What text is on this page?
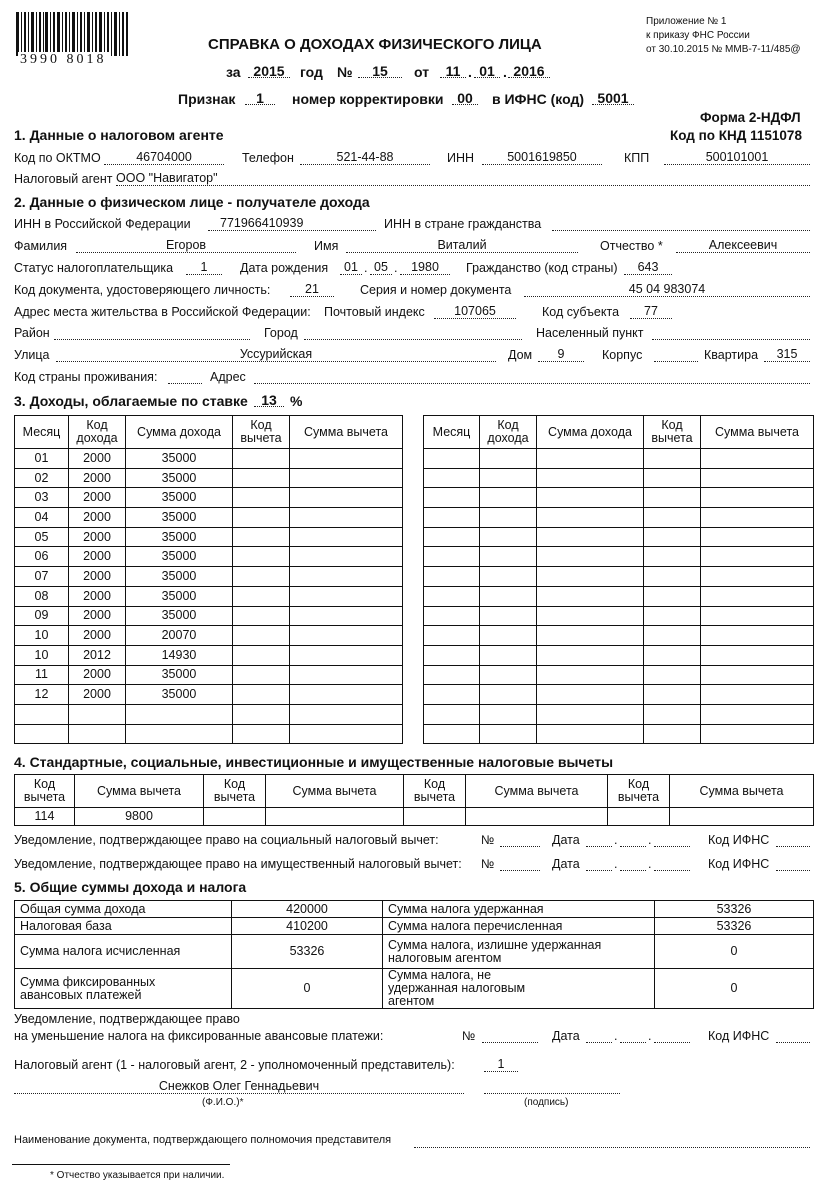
3990 8018
Приложение № 1
к приказу ФНС России
от 30.10.2015 № ММВ-7-11/485@
СПРАВКА О ДОХОДАХ ФИЗИЧЕСКОГО ЛИЦА
за 2015	год №	15	от	11 . 01 . 2016
Признак	1	номер корректировки 00	в ИФНС (код) 5001
Форма 2-НДФЛ
Код по КНД 1151078
1. Данные о налоговом агенте
Код по ОКТМО	46704000	Телефон	521-44-88	ИНН	5001619850	КПП	500101001
Налоговый агент ООО "Навигатор"
2. Данные о физическом лице - получателе дохода
ИНН в Российской Федерации	771966410939	ИНН в стране гражданства
Фамилия	Егоров	Имя	Виталий	Отчество *	Алексеевич
Статус налогоплательщика	1	Дата рождения	01 . 05 .	1980	Гражданство (код страны)	643
Код документа, удостоверяющего личность:	21	Серия и номер документа	45 04 983074
Адрес места жительства в Российской Федерации: Почтовый индекс	107065	Код субъекта	77
Район	Город	Населенный пункт
Улица	Уссурийская	Дом	9	Корпус	Квартира	315
Код страны проживания:	Адрес
3. Доходы, облагаемые по ставке 13 %
Месяц	Код дохода	Сумма дохода	Код вычета	Сумма вычета
01	2000	35000		
02	2000	35000		
03	2000	35000		
04	2000	35000		
05	2000	35000		
06	2000	35000		
07	2000	35000		
08	2000	35000		
09	2000	35000		
10	2000	20070		
10	2012	14930		
11	2000	35000		
12	2000	35000		

Месяц	Код дохода	Сумма дохода	Код вычета	Сумма вычета

4. Стандартные, социальные, инвестиционные и имущественные налоговые вычеты
Код вычета	Сумма вычета	Код вычета	Сумма вычета	Код вычета	Сумма вычета	Код вычета	Сумма вычета
114	9800						
Уведомление, подтверждающее право на социальный налоговый вычет:	№	Дата	. .	Код ИФНС
Уведомление, подтверждающее право на имущественный налоговый вычет: №	Дата	. .	Код ИФНС
5. Общие суммы дохода и налога
Общая сумма дохода	420000	Сумма налога удержанная	53326
Налоговая база	410200	Сумма налога перечисленная	53326
Сумма налога исчисленная	53326	Сумма налога, излишне удержанная налоговым агентом	0
Сумма фиксированных авансовых платежей	0	Сумма налога, не удержанная налоговым агентом	0
Уведомление, подтверждающее право
на уменьшение налога на фиксированные авансовые платежи:	№	Дата	. .	Код ИФНС
Налоговый агент (1 - налоговый агент, 2 - уполномоченный представитель):	1
Снежков Олег Геннадьевич
(Ф.И.О.)*	(подпись)
Наименование документа, подтверждающего полномочия представителя
* Отчество указывается при наличии.
